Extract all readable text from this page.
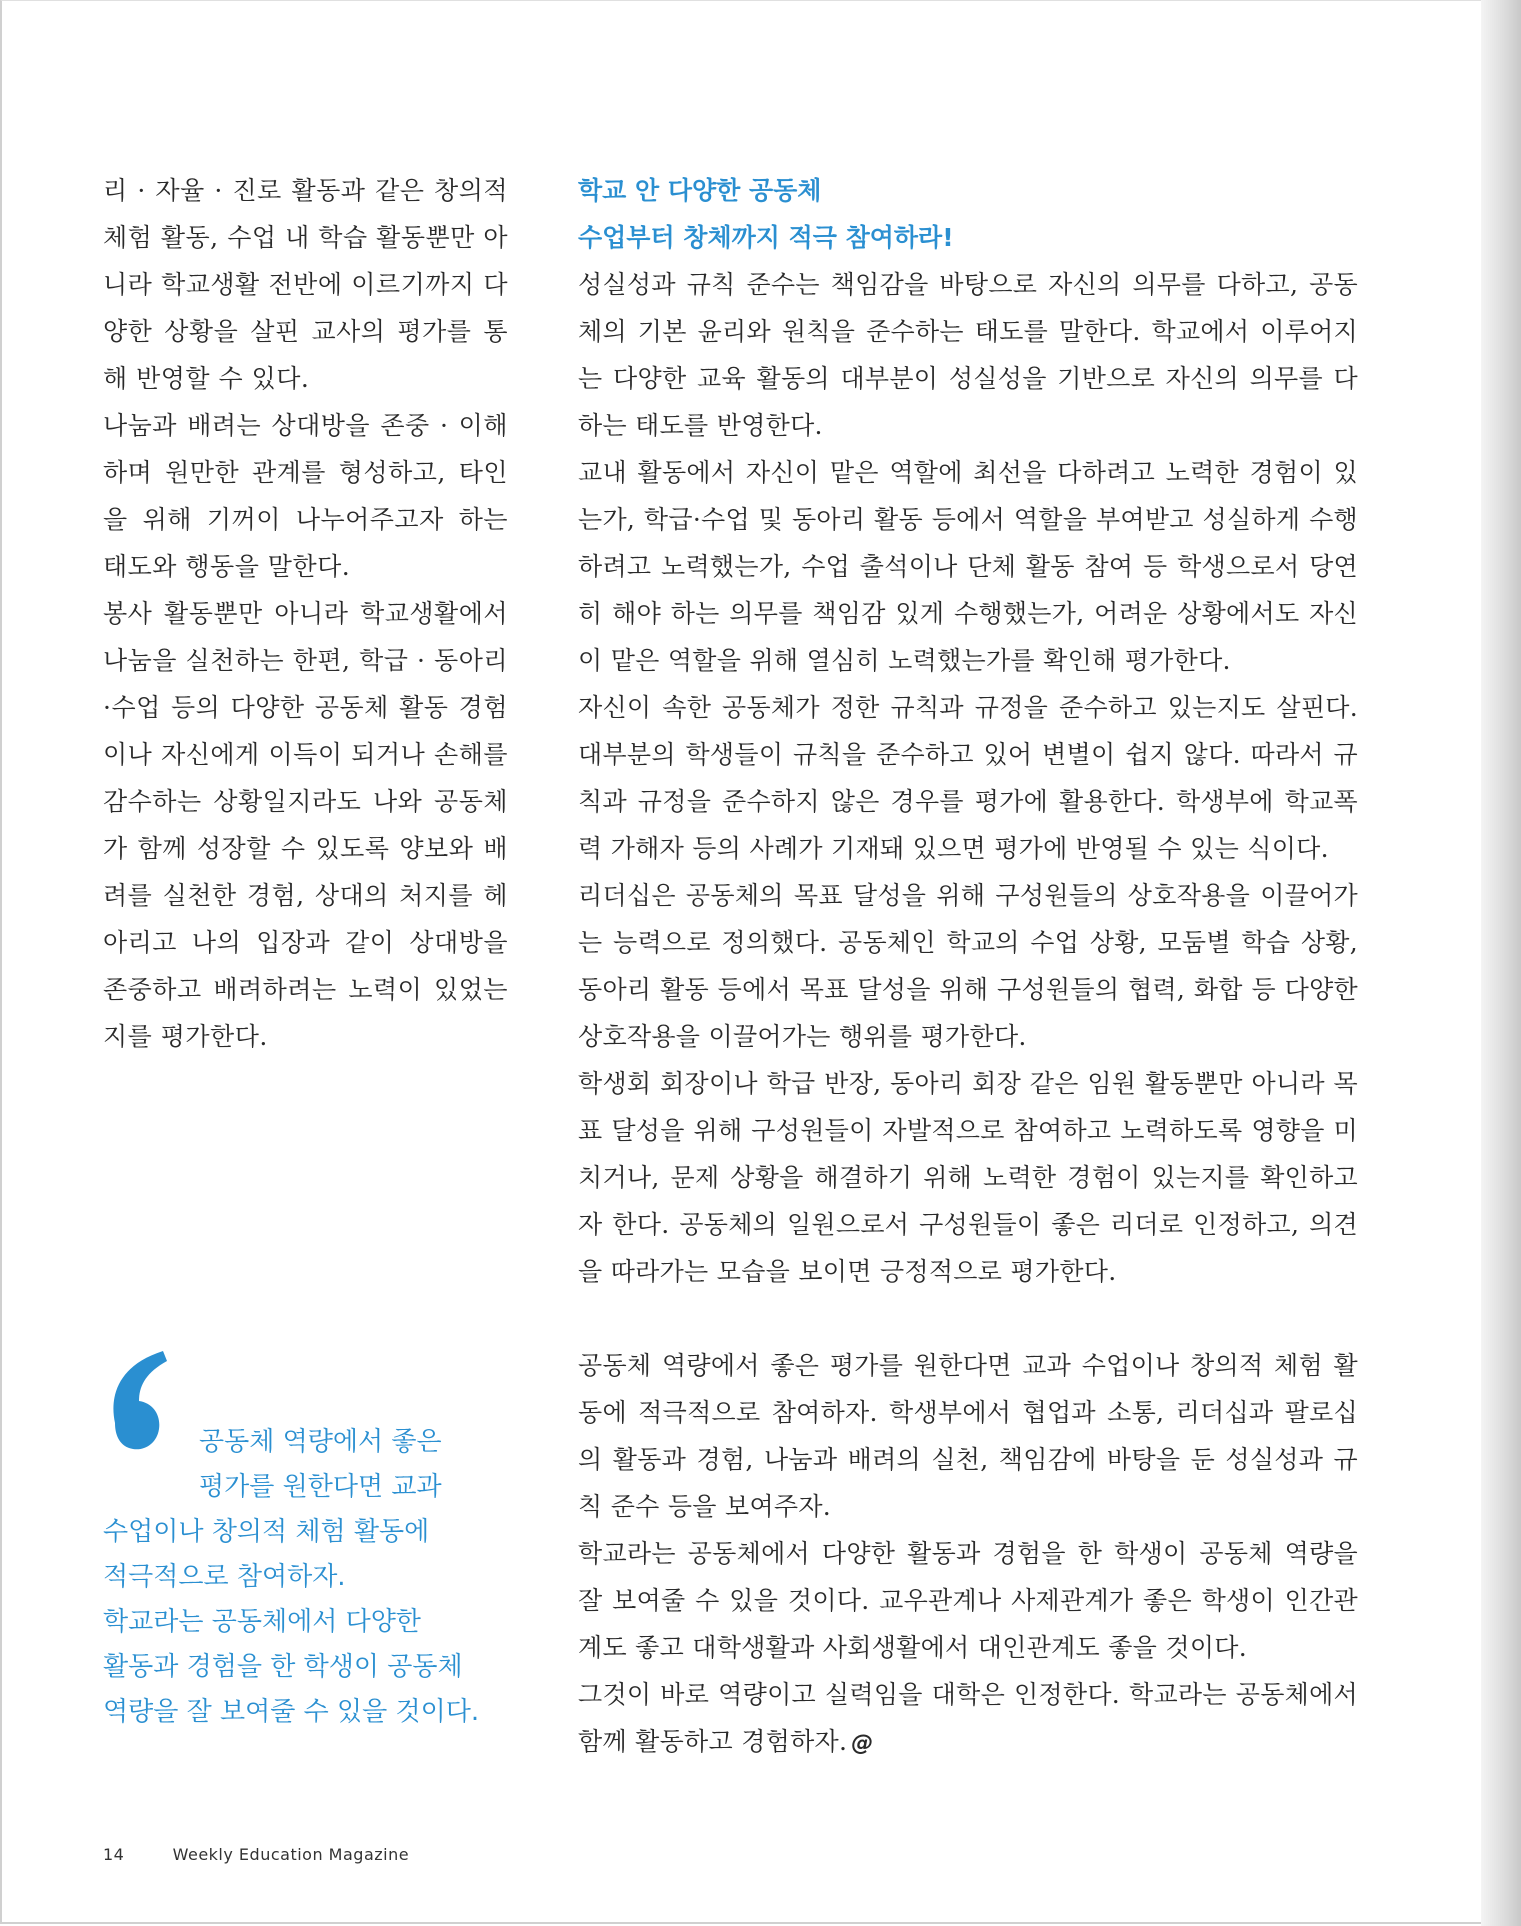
리 · 자율 · 진로 활동과 같은 창의적 체험 활동, 수업 내 학습 활동뿐만 아니라 학교생활 전반에 이르기까지 다양한 상황을 살핀 교사의 평가를 통해 반영할 수 있다.

나눔과 배려는 상대방을 존중 · 이해하며 원만한 관계를 형성하고, 타인을 위해 기꺼이 나누어주고자 하는 태도와 행동을 말한다.

봉사 활동뿐만 아니라 학교생활에서 나눔을 실천하는 한편, 학급 · 동아리·수업 등의 다양한 공동체 활동 경험이나 자신에게 이득이 되거나 손해를 감수하는 상황일지라도 나와 공동체가 함께 성장할 수 있도록 양보와 배려를 실천한 경험, 상대의 처지를 헤아리고 나의 입장과 같이 상대방을 존중하고 배려하려는 노력이 있었는지를 평가한다.

학교 안 다양한 공동체
수업부터 창체까지 적극 참여하라!

성실성과 규칙 준수는 책임감을 바탕으로 자신의 의무를 다하고, 공동체의 기본 윤리와 원칙을 준수하는 태도를 말한다. 학교에서 이루어지는 다양한 교육 활동의 대부분이 성실성을 기반으로 자신의 의무를 다하는 태도를 반영한다.

교내 활동에서 자신이 맡은 역할에 최선을 다하려고 노력한 경험이 있는가, 학급·수업 및 동아리 활동 등에서 역할을 부여받고 성실하게 수행하려고 노력했는가, 수업 출석이나 단체 활동 참여 등 학생으로서 당연히 해야 하는 의무를 책임감 있게 수행했는가, 어려운 상황에서도 자신이 맡은 역할을 위해 열심히 노력했는가를 확인해 평가한다.

자신이 속한 공동체가 정한 규칙과 규정을 준수하고 있는지도 살핀다. 대부분의 학생들이 규칙을 준수하고 있어 변별이 쉽지 않다. 따라서 규칙과 규정을 준수하지 않은 경우를 평가에 활용한다. 학생부에 학교폭력 가해자 등의 사례가 기재돼 있으면 평가에 반영될 수 있는 식이다.

리더십은 공동체의 목표 달성을 위해 구성원들의 상호작용을 이끌어가는 능력으로 정의했다. 공동체인 학교의 수업 상황, 모둠별 학습 상황, 동아리 활동 등에서 목표 달성을 위해 구성원들의 협력, 화합 등 다양한 상호작용을 이끌어가는 행위를 평가한다.

학생회 회장이나 학급 반장, 동아리 회장 같은 임원 활동뿐만 아니라 목표 달성을 위해 구성원들이 자발적으로 참여하고 노력하도록 영향을 미치거나, 문제 상황을 해결하기 위해 노력한 경험이 있는지를 확인하고자 한다. 공동체의 일원으로서 구성원들이 좋은 리더로 인정하고, 의견을 따라가는 모습을 보이면 긍정적으로 평가한다.

공동체 역량에서 좋은 평가를 원한다면 교과 수업이나 창의적 체험 활동에 적극적으로 참여하자. 학생부에서 협업과 소통, 리더십과 팔로십의 활동과 경험, 나눔과 배려의 실천, 책임감에 바탕을 둔 성실성과 규칙 준수 등을 보여주자.

학교라는 공동체에서 다양한 활동과 경험을 한 학생이 공동체 역량을 잘 보여줄 수 있을 것이다. 교우관계나 사제관계가 좋은 학생이 인간관계도 좋고 대학생활과 사회생활에서 대인관계도 좋을 것이다.

그것이 바로 역량이고 실력임을 대학은 인정한다. 학교라는 공동체에서 함께 활동하고 경험하자. @

공동체 역량에서 좋은
평가를 원한다면 교과
수업이나 창의적 체험 활동에
적극적으로 참여하자.
학교라는 공동체에서 다양한
활동과 경험을 한 학생이 공동체
역량을 잘 보여줄 수 있을 것이다.
14	Weekly Education Magazine
